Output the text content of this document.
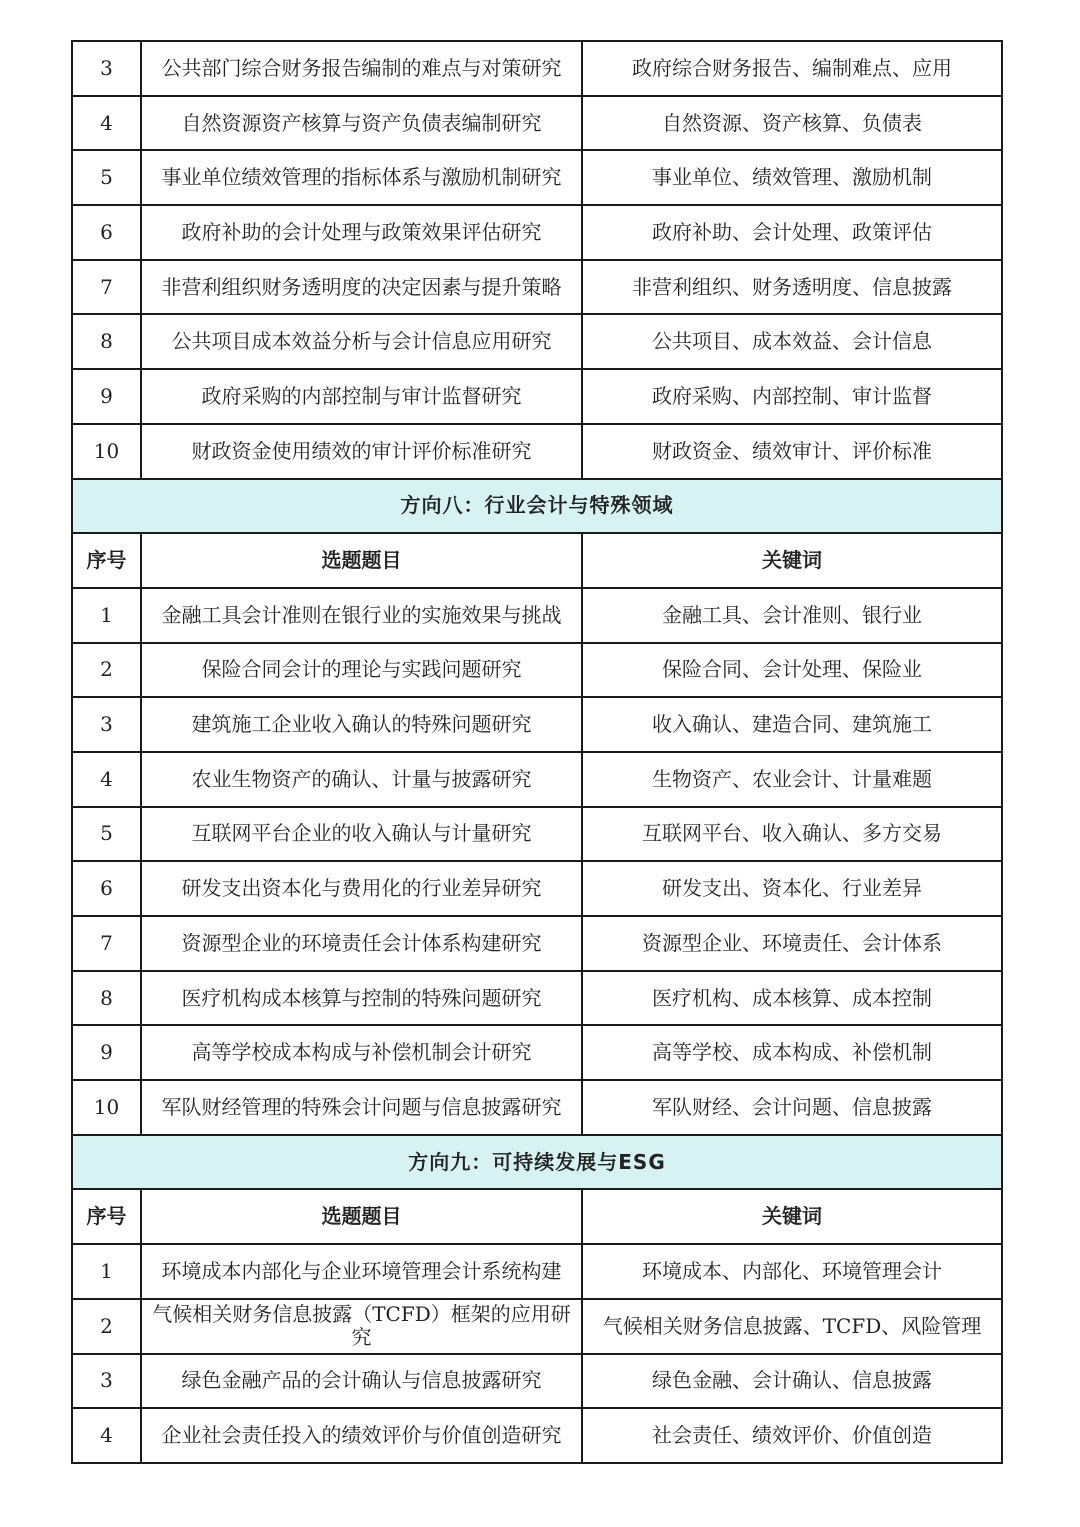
3	公共部门综合财务报告编制的难点与对策研究	政府综合财务报告、编制难点、应用
4	自然资源资产核算与资产负债表编制研究	自然资源、资产核算、负债表
5	事业单位绩效管理的指标体系与激励机制研究	事业单位、绩效管理、激励机制
6	政府补助的会计处理与政策效果评估研究	政府补助、会计处理、政策评估
7	非营利组织财务透明度的决定因素与提升策略	非营利组织、财务透明度、信息披露
8	公共项目成本效益分析与会计信息应用研究	公共项目、成本效益、会计信息
9	政府采购的内部控制与审计监督研究	政府采购、内部控制、审计监督
10	财政资金使用绩效的审计评价标准研究	财政资金、绩效审计、评价标准
方向八：行业会计与特殊领域		
序号	选题题目	关键词
1	金融工具会计准则在银行业的实施效果与挑战	金融工具、会计准则、银行业
2	保险合同会计的理论与实践问题研究	保险合同、会计处理、保险业
3	建筑施工企业收入确认的特殊问题研究	收入确认、建造合同、建筑施工
4	农业生物资产的确认、计量与披露研究	生物资产、农业会计、计量难题
5	互联网平台企业的收入确认与计量研究	互联网平台、收入确认、多方交易
6	研发支出资本化与费用化的行业差异研究	研发支出、资本化、行业差异
7	资源型企业的环境责任会计体系构建研究	资源型企业、环境责任、会计体系
8	医疗机构成本核算与控制的特殊问题研究	医疗机构、成本核算、成本控制
9	高等学校成本构成与补偿机制会计研究	高等学校、成本构成、补偿机制
10	军队财经管理的特殊会计问题与信息披露研究	军队财经、会计问题、信息披露
方向九：可持续发展与ESG		
序号	选题题目	关键词
1	环境成本内部化与企业环境管理会计系统构建	环境成本、内部化、环境管理会计
2	气候相关财务信息披露（TCFD）框架的应用研究	气候相关财务信息披露、TCFD、风险管理
3	绿色金融产品的会计确认与信息披露研究	绿色金融、会计确认、信息披露
4	企业社会责任投入的绩效评价与价值创造研究	社会责任、绩效评价、价值创造
